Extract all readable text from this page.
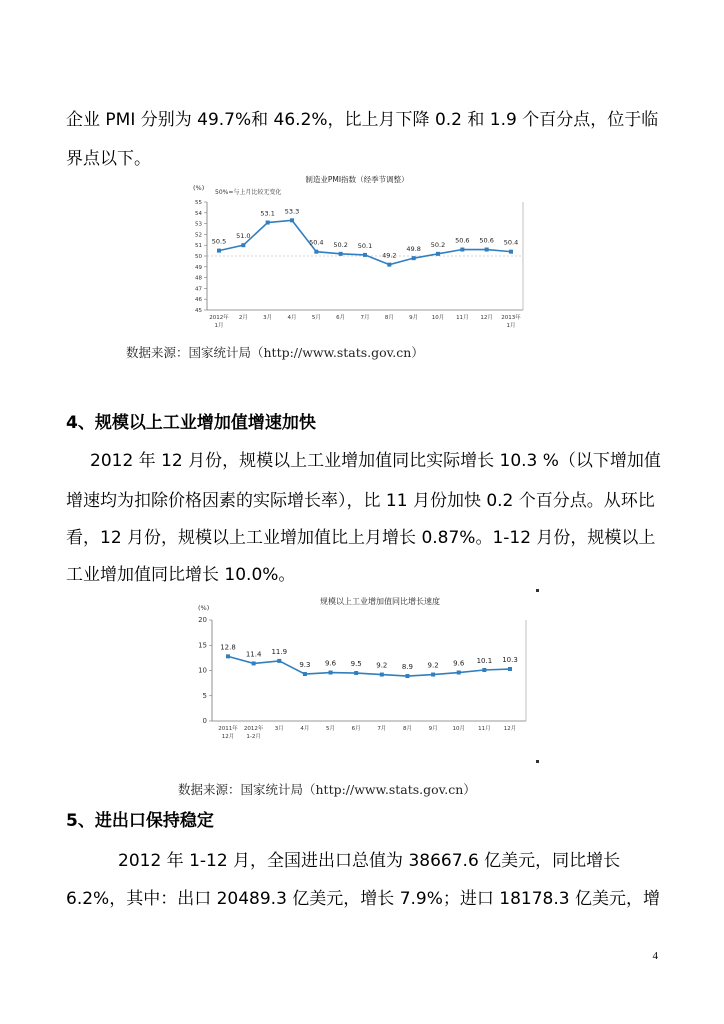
企业 PMI 分别为 49.7%和 46.2%，比上月下降 0.2 和 1.9 个百分点，位于临

界点以下。

制造业PMI指数（经季节调整）
(%)
50%=与上月比较无变化
45
46
47
48
49
50
51
52
53
54
55
2012年
1月
2月	3月	4月	5月	6月	7月	8月	9月 10月 11月 12月 2013年
1月
50.5
51.0
53.1 53.3
50.4 50.2 50.1
49.2
49.8
50.2
50.6 50.6 50.4
数据来源：国家统计局（http://www.stats.gov.cn）

4、规模以上工业增加值增速加快

2012 年 12 月份，规模以上工业增加值同比实际增长 10.3 %（以下增加值

增速均为扣除价格因素的实际增长率），比 11 月份加快 0.2 个百分点。从环比

看，12 月份，规模以上工业增加值比上月增长 0.87%。1-12 月份，规模以上

工业增加值同比增长 10.0%。

规模以上工业增加值同比增长速度
(%)
0
5
10
15
20
2011年
12月
2012年
1-2月
3月	4月	5月	6月	7月	8月	9月	10月 11月 12月
12.8
11.4 11.9
9.3 9.6 9.5 9.2 8.9 9.2 9.6 10.1 10.3
数据来源：国家统计局（http://www.stats.gov.cn）

5、进出口保持稳定

2012 年 1-12 月，全国进出口总值为 38667.6 亿美元，同比增长

6.2%，其中：出口 20489.3 亿美元，增长 7.9%；进口 18178.3 亿美元，增

4
